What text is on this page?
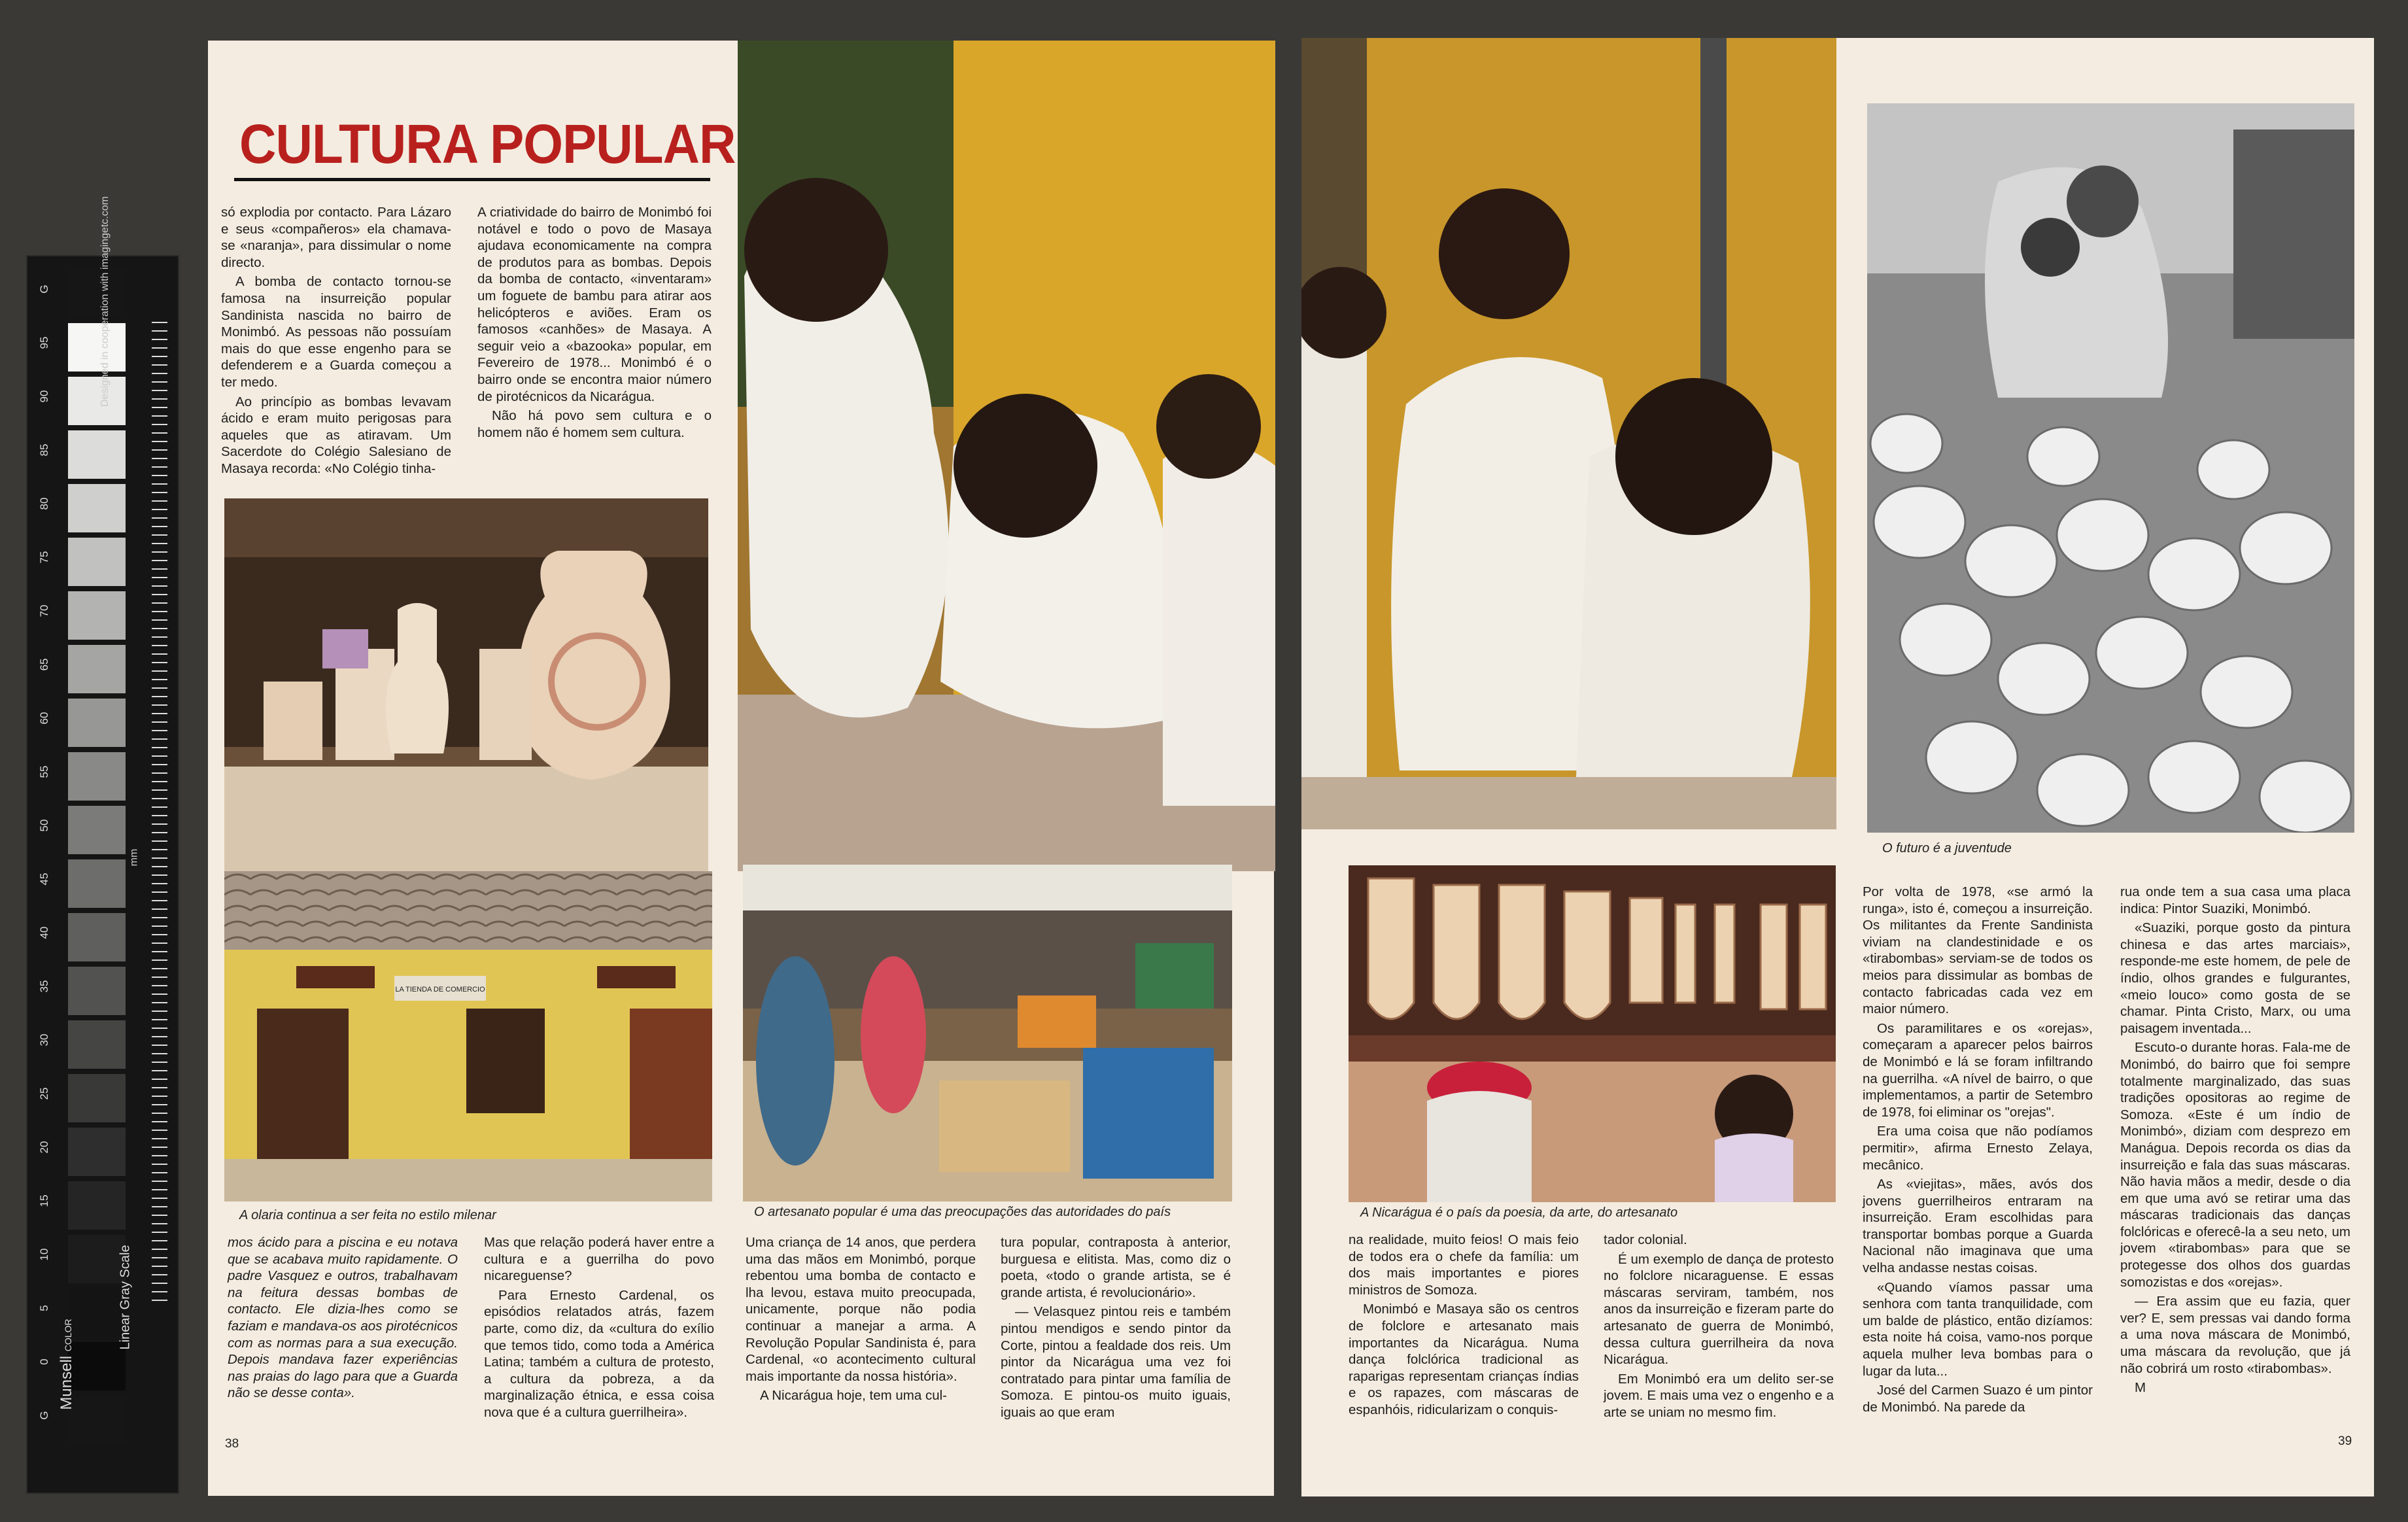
G
95
90
85
80
75
70
65
60
55
50
45
40
35
30
25
20
15
10
5
0
G
mm
Designed in cooperation with imagingetc.com
Linear Gray Scale
Munsell COLOR
CULTURA POPULAR

só explodia por contacto. Para Lázaro e seus «compañeros» ela chamava-se «naranja», para dissimular o nome directo.

A bomba de contacto tornou-se famosa na insurreição popular Sandinista nascida no bairro de Monimbó. As pessoas não possuíam mais do que esse engenho para se defenderem e a Guarda começou a ter medo.

Ao princípio as bombas levavam ácido e eram muito perigosas para aqueles que as atiravam. Um Sacerdote do Colégio Salesiano de Masaya recorda: «No Colégio tinha-

A criatividade do bairro de Monimbó foi notável e todo o povo de Masaya ajudava economicamente na compra de produtos para as bombas. Depois da bomba de contacto, «inventaram» um foguete de bambu para atirar aos helicópteros e aviões. Eram os famosos «canhões» de Masaya. A seguir veio a «bazooka» popular, em Fevereiro de 1978... Monimbó é o bairro onde se encontra maior número de pirotécnicos da Nicarágua.

Não há povo sem cultura e o homem não é homem sem cultura.

LA TIENDA DE COMERCIO
A olaria continua a ser feita no estilo milenar	O artesanato popular é uma das preocupações das autoridades do país

mos ácido para a piscina e eu notava que se acabava muito rapidamente. O padre Vasquez e outros, trabalhavam na feitura dessas bombas de contacto. Ele dizia-lhes como se faziam e mandava-os aos pirotécnicos com as normas para a sua execução. Depois mandava fazer experiências nas praias do lago para que a Guarda não se desse conta».

Mas que relação poderá haver entre a cultura e a guerrilha do povo nicareguense?

Para Ernesto Cardenal, os episódios relatados atrás, fazem parte, como diz, da «cultura do exílio que temos tido, como toda a América Latina; também a cultura de protesto, a cultura da pobreza, a da marginalização étnica, e essa coisa nova que é a cultura guerrilheira».

Uma criança de 14 anos, que perdera uma das mãos em Monimbó, porque rebentou uma bomba de contacto e lha levou, estava muito preocupada, unicamente, porque não podia continuar a manejar a arma. A Revolução Popular Sandinista é, para Cardenal, «o acontecimento cultural mais importante da nossa história».

A Nicarágua hoje, tem uma cul-

tura popular, contraposta à anterior, burguesa e elitista. Mas, como diz o poeta, «todo o grande artista, se é grande artista, é revolucionário».

— Velasquez pintou reis e também pintou mendigos e sendo pintor da Corte, pintou a fealdade dos reis. Um pintor da Nicarágua uma vez foi contratado para pintar uma família de Somoza. E pintou-os muito iguais, iguais ao que eram

38
O futuro é a juventude
A Nicarágua é o país da poesia, da arte, do artesanato

na realidade, muito feios! O mais feio de todos era o chefe da família: um dos mais importantes e piores ministros de Somoza.

Monimbó e Masaya são os centros de folclore e artesanato mais importantes da Nicarágua. Numa dança folclórica tradicional as raparigas representam crianças índias e os rapazes, com máscaras de espanhóis, ridicularizam o conquis-

tador colonial.

É um exemplo de dança de protesto no folclore nicaraguense. E essas máscaras serviram, também, nos anos da insurreição e fizeram parte do artesanato de guerra de Monimbó, dessa cultura guerrilheira da nova Nicarágua.

Em Monimbó era um delito ser-se jovem. E mais uma vez o engenho e a arte se uniam no mesmo fim.

Por volta de 1978, «se armó la runga», isto é, começou a insurreição. Os militantes da Frente Sandinista viviam na clandestinidade e os «tirabombas» serviam-se de todos os meios para dissimular as bombas de contacto fabricadas cada vez em maior número.

Os paramilitares e os «orejas», começaram a aparecer pelos bairros de Monimbó e lá se foram infiltrando na guerrilha. «A nível de bairro, o que implementamos, a partir de Setembro de 1978, foi eliminar os "orejas".

Era uma coisa que não podíamos permitir», afirma Ernesto Zelaya, mecânico.

As «viejitas», mães, avós dos jovens guerrilheiros entraram na insurreição. Eram escolhidas para transportar bombas porque a Guarda Nacional não imaginava que uma velha andasse nestas coisas.

«Quando víamos passar uma senhora com tanta tranquilidade, com um balde de plástico, então dizíamos: esta noite há coisa, vamo-nos porque aquela mulher leva bombas para o lugar da luta...

José del Carmen Suazo é um pintor de Monimbó. Na parede da

rua onde tem a sua casa uma placa indica: Pintor Suaziki, Monimbó.

«Suaziki, porque gosto da pintura chinesa e das artes marciais», responde-me este homem, de pele de índio, olhos grandes e fulgurantes, «meio louco» como gosta de se chamar. Pinta Cristo, Marx, ou uma paisagem inventada...

Escuto-o durante horas. Fala-me de Monimbó, do bairro que foi sempre totalmente marginalizado, das suas tradições opositoras ao regime de Somoza. «Este é um índio de Monimbó», diziam com desprezo em Manágua. Depois recorda os dias da insurreição e fala das suas máscaras. Não havia mãos a medir, desde o dia em que uma avó se retirar uma das máscaras tradicionais das danças folclóricas e oferecê-la a seu neto, um jovem «tirabombas» para que se protegesse dos olhos dos guardas somozistas e dos «orejas».

— Era assim que eu fazia, quer ver? E, sem pressas vai dando forma a uma nova máscara de Monimbó, uma máscara da revolução, que já não cobrirá um rosto «tirabombas».

M

39
